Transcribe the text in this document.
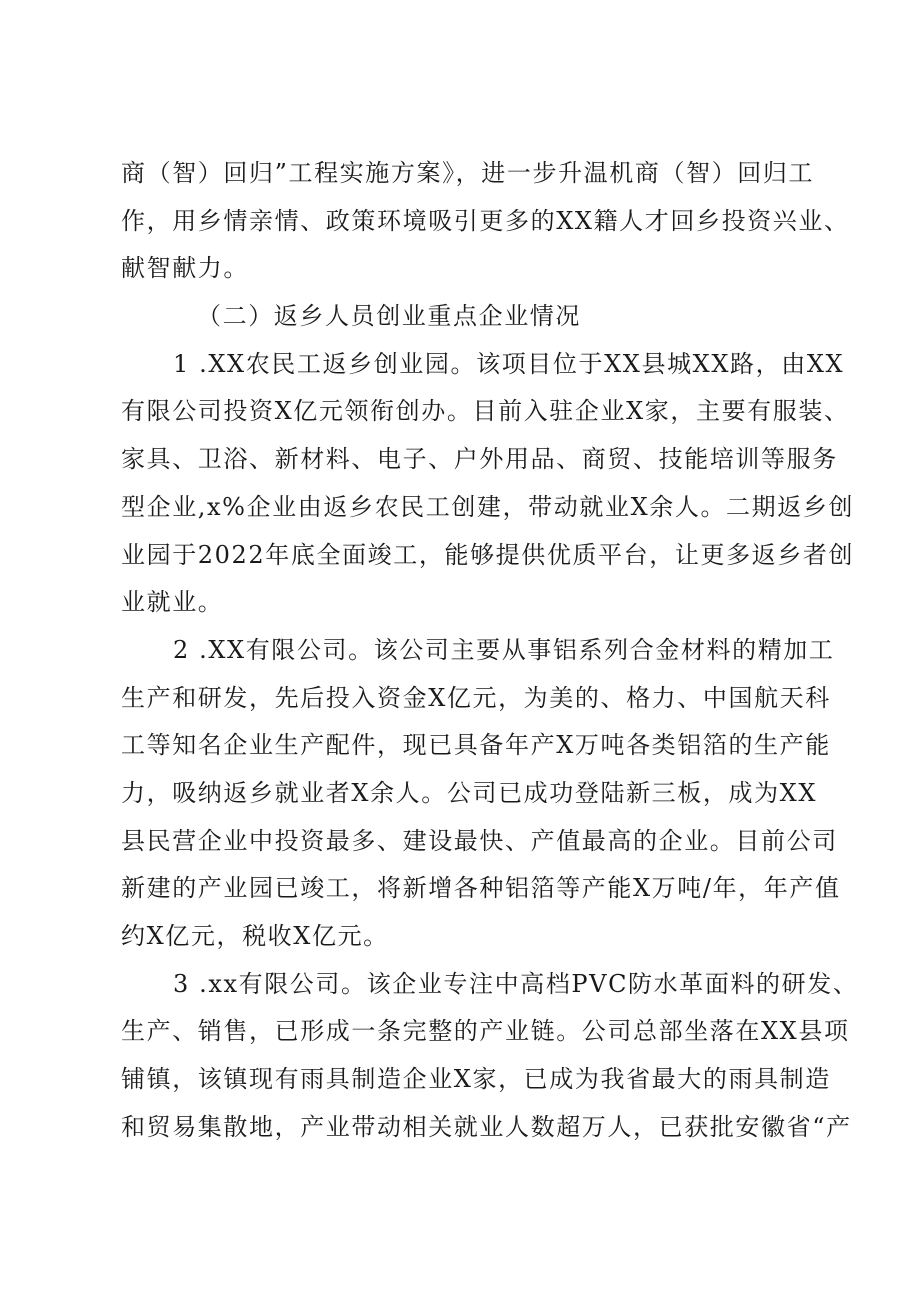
商（智）回归”工程实施方案》，进一步升温机商（智）回归工
作，用乡情亲情、政策环境吸引更多的XX籍人才回乡投资兴业、
献智献力。
（二）返乡人员创业重点企业情况
1 .XX农民工返乡创业园。该项目位于XX县城XX路，由XX
有限公司投资X亿元领衔创办。目前入驻企业X家，主要有服装、
家具、卫浴、新材料、电子、户外用品、商贸、技能培训等服务
型企业,x%企业由返乡农民工创建，带动就业X余人。二期返乡创
业园于2022年底全面竣工，能够提供优质平台，让更多返乡者创
业就业。
2 .XX有限公司。该公司主要从事铝系列合金材料的精加工
生产和研发，先后投入资金X亿元，为美的、格力、中国航天科
工等知名企业生产配件，现已具备年产X万吨各类铝箔的生产能
力，吸纳返乡就业者X余人。公司已成功登陆新三板，成为XX
县民营企业中投资最多、建设最快、产值最高的企业。目前公司
新建的产业园已竣工，将新增各种铝箔等产能X万吨/年，年产值
约X亿元，税收X亿元。
3 .xx有限公司。该企业专注中高档PVC防水革面料的研发、
生产、销售，已形成一条完整的产业链。公司总部坐落在XX县项
铺镇，该镇现有雨具制造企业X家，已成为我省最大的雨具制造
和贸易集散地，产业带动相关就业人数超万人，已获批安徽省“产
